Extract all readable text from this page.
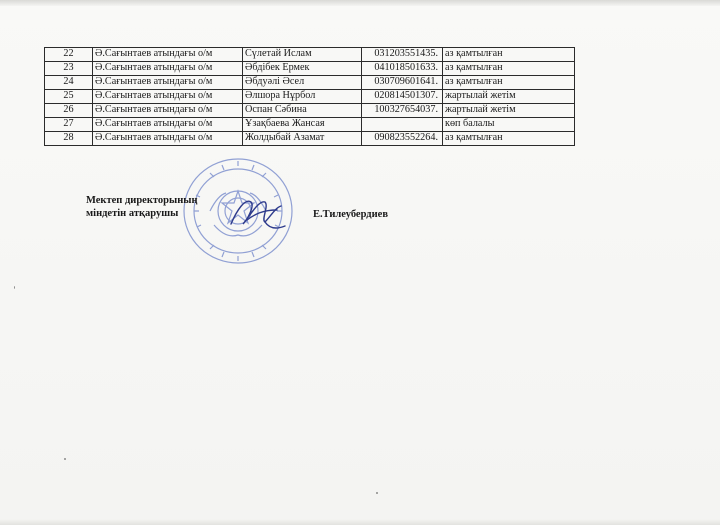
22	Ә.Сағынтаев атындағы о/м	Сүлетай Ислам	031203551435.	аз қамтылған
23	Ә.Сағынтаев атындағы о/м	Әбдібек Ермек	041018501633.	аз қамтылған
24	Ә.Сағынтаев атындағы о/м	Әбдуәлі Әсел	030709601641.	аз қамтылған
25	Ә.Сағынтаев атындағы о/м	Әлшора Нұрбол	020814501307.	жартылай жетім
26	Ә.Сағынтаев атындағы о/м	Оспан Сәбина	100327654037.	жартылай жетім
27	Ә.Сағынтаев атындағы о/м	Ұзақбаева Жансая		көп балалы
28	Ә.Сағынтаев атындағы о/м	Жолдыбай Азамат	090823552264.	аз қамтылған
Мектеп директорының
міндетін атқарушы	Е.Тилеубердиев
